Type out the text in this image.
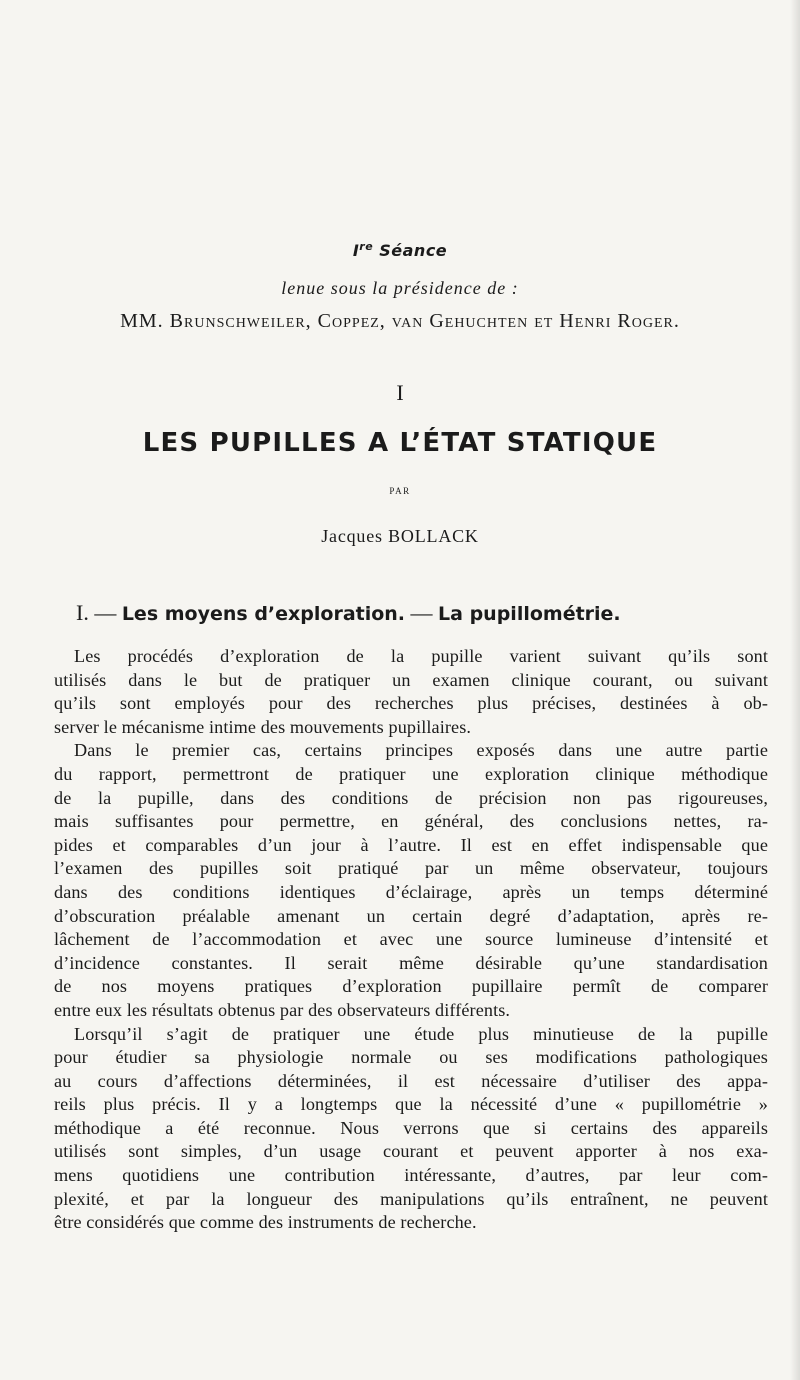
Ire Séance
lenue sous la présidence de :
MM. Brunschweiler, Coppez, van Gehuchten et Henri Roger.
I
LES PUPILLES A L’ÉTAT STATIQUE
PAR
Jacques BOLLACK
I. — Les moyens d’exploration. — La pupillométrie.
Les procédés d’exploration de la pupille varient suivant qu’ils sont
utilisés dans le but de pratiquer un examen clinique courant, ou suivant
qu’ils sont employés pour des recherches plus précises, destinées à ob-
server le mécanisme intime des mouvements pupillaires.
Dans le premier cas, certains principes exposés dans une autre partie
du rapport, permettront de pratiquer une exploration clinique méthodique
de la pupille, dans des conditions de précision non pas rigoureuses,
mais suffisantes pour permettre, en général, des conclusions nettes, ra-
pides et comparables d’un jour à l’autre. Il est en effet indispensable que
l’examen des pupilles soit pratiqué par un même observateur, toujours
dans des conditions identiques d’éclairage, après un temps déterminé
d’obscuration préalable amenant un certain degré d’adaptation, après re-
lâchement de l’accommodation et avec une source lumineuse d’intensité et
d’incidence constantes. Il serait même désirable qu’une standardisation
de nos moyens pratiques d’exploration pupillaire permît de comparer
entre eux les résultats obtenus par des observateurs différents.
Lorsqu’il s’agit de pratiquer une étude plus minutieuse de la pupille
pour étudier sa physiologie normale ou ses modifications pathologiques
au cours d’affections déterminées, il est nécessaire d’utiliser des appa-
reils plus précis. Il y a longtemps que la nécessité d’une « pupillométrie »
méthodique a été reconnue. Nous verrons que si certains des appareils
utilisés sont simples, d’un usage courant et peuvent apporter à nos exa-
mens quotidiens une contribution intéressante, d’autres, par leur com-
plexité, et par la longueur des manipulations qu’ils entraînent, ne peuvent
être considérés que comme des instruments de recherche.
